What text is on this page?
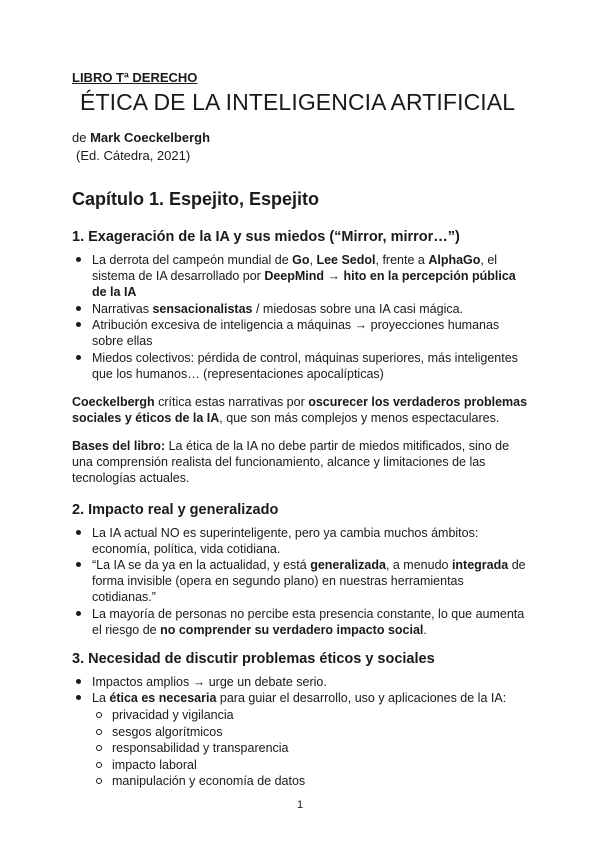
LIBRO Tª DERECHO

ÉTICA DE LA INTELIGENCIA ARTIFICIAL

de Mark Coeckelbergh

(Ed. Cátedra, 2021)

Capítulo 1. Espejito, Espejito
1. Exageración de la IA y sus miedos (“Mirror, mirror…”)
La derrota del campeón mundial de Go, Lee Sedol, frente a AlphaGo, el sistema de IA desarrollado por DeepMind → hito en la percepción pública de la IA
Narrativas sensacionalistas / miedosas sobre una IA casi mágica.
Atribución excesiva de inteligencia a máquinas → proyecciones humanas sobre ellas
Miedos colectivos: pérdida de control, máquinas superiores, más inteligentes que los humanos… (representaciones apocalípticas)

Coeckelbergh crítica estas narrativas por oscurecer los verdaderos problemas sociales y éticos de la IA, que son más complejos y menos espectaculares.

Bases del libro: La ética de la IA no debe partir de miedos mitificados, sino de una comprensión realista del funcionamiento, alcance y limitaciones de las tecnologías actuales.

2. Impacto real y generalizado
La IA actual NO es superinteligente, pero ya cambia muchos ámbitos: economía, política, vida cotidiana.
“La IA se da ya en la actualidad, y está generalizada, a menudo integrada de forma invisible (opera en segundo plano) en nuestras herramientas cotidianas.”
La mayoría de personas no percibe esta presencia constante, lo que aumenta el riesgo de no comprender su verdadero impacto social.
3. Necesidad de discutir problemas éticos y sociales
Impactos amplios → urge un debate serio.
La ética es necesaria para guiar el desarrollo, uso y aplicaciones de la IA:
privacidad y vigilancia
sesgos algorítmicos
responsabilidad y transparencia
impacto laboral
manipulación y economía de datos
1
